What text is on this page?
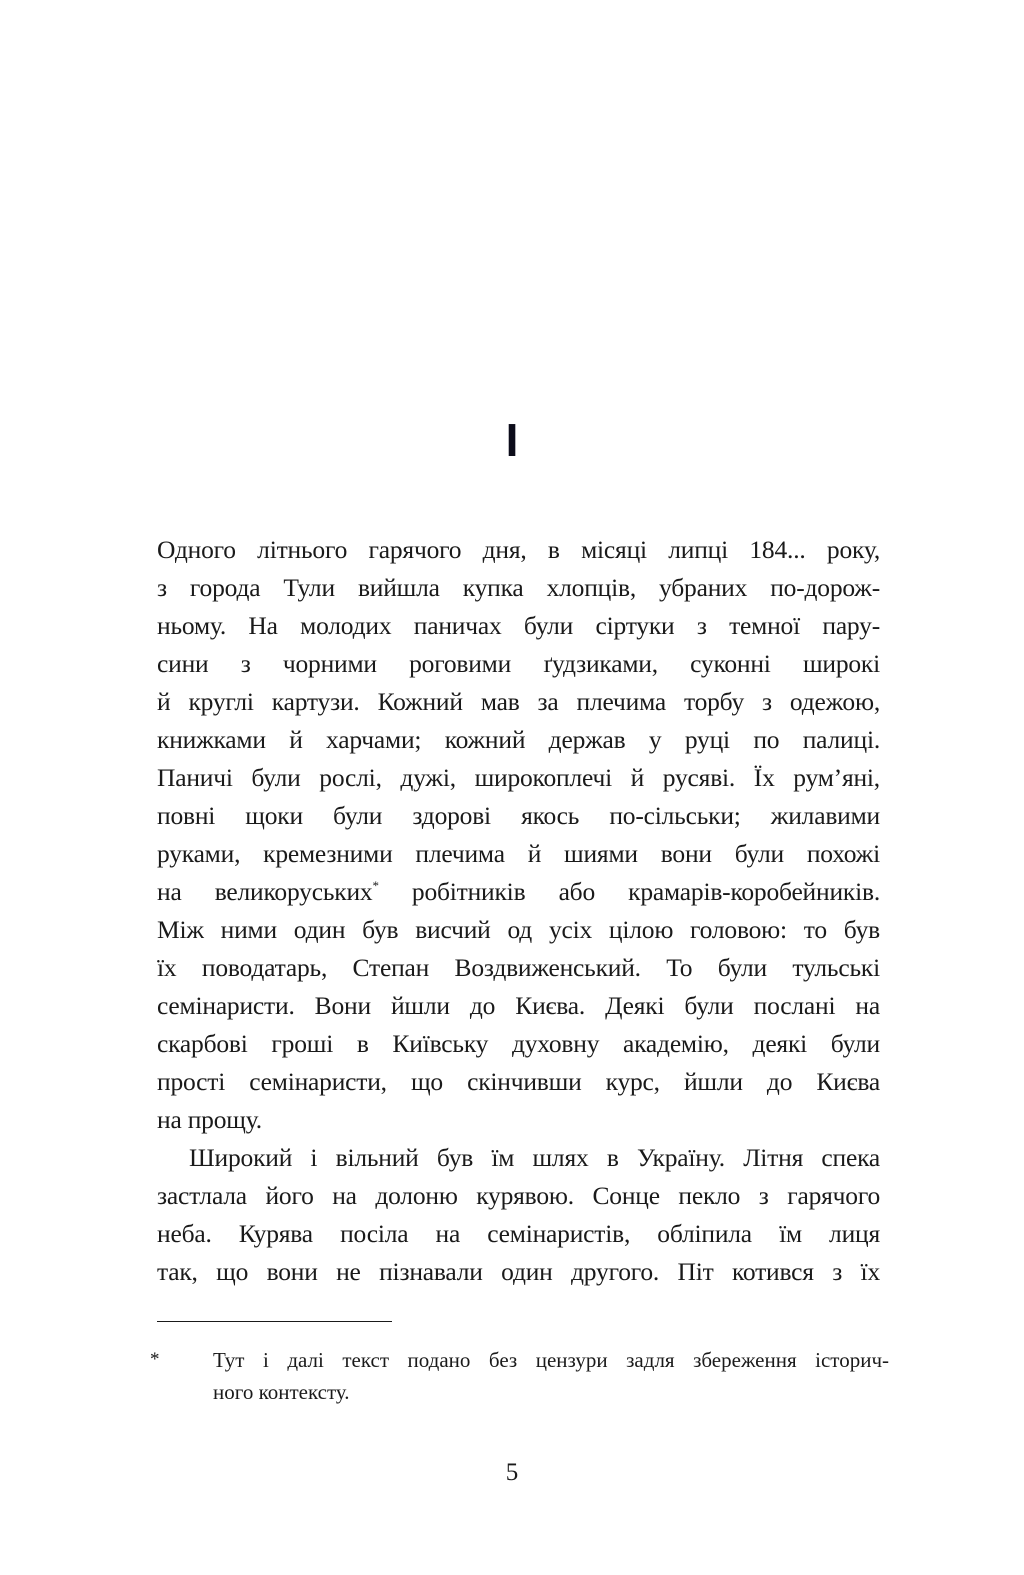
I
Одного літнього гарячого дня, в місяці липці 184... року,
з города Тули вийшла купка хлопців, убраних по-дорож-
ньому. На молодих паничах були сіртуки з темної пару-
сини з чорними роговими ґудзиками, суконні широкі
й круглі картузи. Кожний мав за плечима торбу з одежою,
книжками й харчами; кожний держав у руці по палиці.
Паничі були рослі, дужі, широкоплечі й русяві. Їх рум’яні,
повні щоки були здорові якось по-сільськи; жилавими
руками, кремезними плечима й шиями вони були похожі
на великоруських* робітників або крамарів-коробейників.
Між ними один був висчий од усіх цілою головою: то був
їх поводатарь, Степан Воздвиженський. То були тульські
семінаристи. Вони йшли до Києва. Деякі були послані на
скарбові гроші в Київську духовну академію, деякі були
прості семінаристи, що скінчивши курс, йшли до Києва
на прощу.
Широкий і вільний був їм шлях в Україну. Літня спека
застлала його на долоню курявою. Сонце пекло з гарячого
неба. Курява посіла на семінаристів, обліпила їм лиця
так, що вони не пізнавали один другого. Піт котився з їх
*	Тут і далі текст подано без цензури задля збереження історич-
ного контексту.
5
